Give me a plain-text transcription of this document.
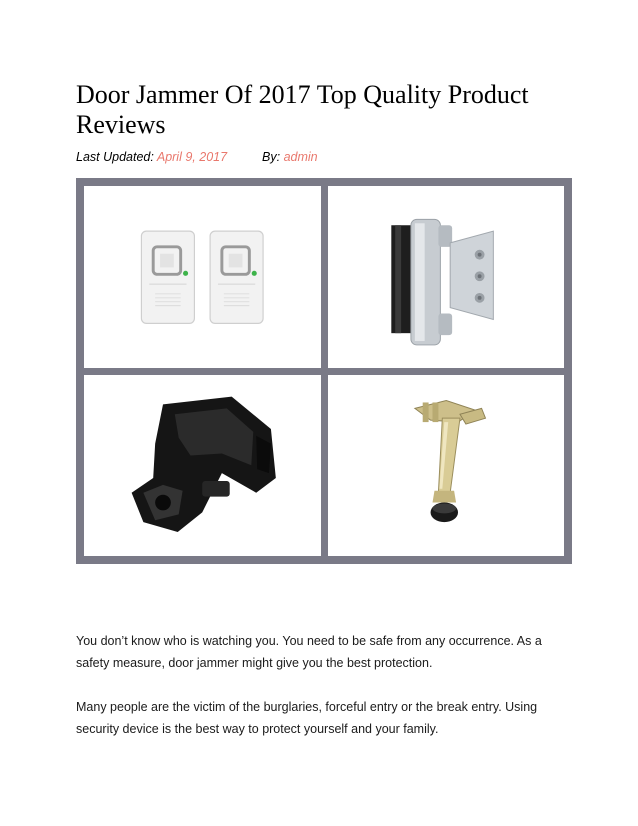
Door Jammer Of 2017 Top Quality Product Reviews
Last Updated: April 9, 2017	By: admin

You don’t know who is watching you. You need to be safe from any occurrence. As a safety measure, door jammer might give you the best protection.

Many people are the victim of the burglaries, forceful entry or the break entry. Using security device is the best way to protect yourself and your family.
